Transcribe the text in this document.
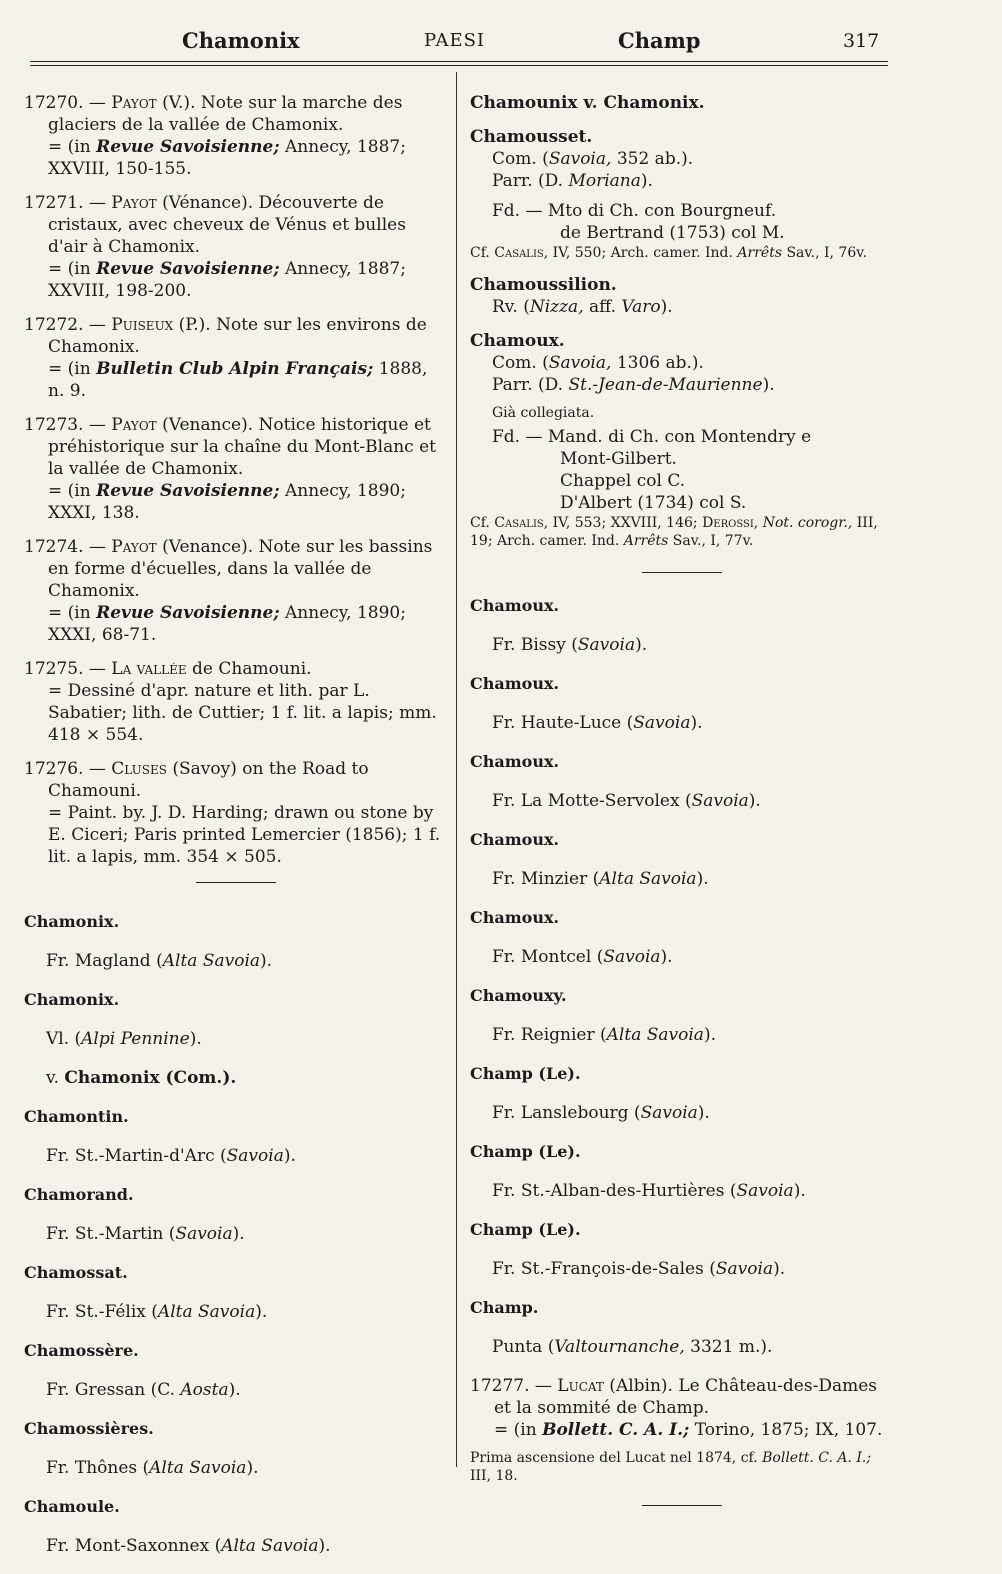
Chamonix	PAESI	Champ	317

17270. — Payot (V.). Note sur la marche des glaciers de la vallée de Chamonix.

= (in Revue Savoisienne; Annecy, 1887; XXVIII, 150-155.

17271. — Payot (Vénance). Découverte de cristaux, avec cheveux de Vénus et bulles d'air à Chamonix.

= (in Revue Savoisienne; Annecy, 1887; XXVIII, 198-200.

17272. — Puiseux (P.). Note sur les environs de Chamonix.

= (in Bulletin Club Alpin Français; 1888, n. 9.

17273. — Payot (Venance). Notice historique et préhistorique sur la chaîne du Mont-Blanc et la vallée de Chamonix.

= (in Revue Savoisienne; Annecy, 1890; XXXI, 138.

17274. — Payot (Venance). Note sur les bassins en forme d'écuelles, dans la vallée de Chamonix.

= (in Revue Savoisienne; Annecy, 1890; XXXI, 68-71.

17275. — La vallée de Chamouni.

= Dessiné d'apr. nature et lith. par L. Sabatier; lith. de Cuttier; 1 f. lit. a lapis; mm. 418 × 554.

17276. — Cluses (Savoy) on the Road to Chamouni.

= Paint. by. J. D. Harding; drawn ou stone by E. Ciceri; Paris printed Lemercier (1856); 1 f. lit. a lapis, mm. 354 × 505.

Chamonix.

Fr. Magland (Alta Savoia).

Chamonix.

Vl. (Alpi Pennine).

v. Chamonix (Com.).

Chamontin.

Fr. St.-Martin-d'Arc (Savoia).

Chamorand.

Fr. St.-Martin (Savoia).

Chamossat.

Fr. St.-Félix (Alta Savoia).

Chamossère.

Fr. Gressan (C. Aosta).

Chamossières.

Fr. Thônes (Alta Savoia).

Chamoule.

Fr. Mont-Saxonnex (Alta Savoia).

Chamounix v. Chamonix.

Chamousset.

Com. (Savoia, 352 ab.).

Parr. (D. Moriana).

Fd. — Mto di Ch. con Bourgneuf.

de Bertrand (1753) col M.

Cf. Casalis, IV, 550; Arch. camer. Ind. Arrêts Sav., I, 76v.

Chamoussilion.

Rv. (Nizza, aff. Varo).

Chamoux.

Com. (Savoia, 1306 ab.).

Parr. (D. St.-Jean-de-Maurienne).

Già collegiata.

Fd. — Mand. di Ch. con Montendry e

Mont-Gilbert.

Chappel col C.

D'Albert (1734) col S.

Cf. Casalis, IV, 553; XXVIII, 146; Derossi, Not. corogr., III, 19; Arch. camer. Ind. Arrêts Sav., I, 77v.

Chamoux.

Fr. Bissy (Savoia).

Chamoux.

Fr. Haute-Luce (Savoia).

Chamoux.

Fr. La Motte-Servolex (Savoia).

Chamoux.

Fr. Minzier (Alta Savoia).

Chamoux.

Fr. Montcel (Savoia).

Chamouxy.

Fr. Reignier (Alta Savoia).

Champ (Le).

Fr. Lanslebourg (Savoia).

Champ (Le).

Fr. St.-Alban-des-Hurtières (Savoia).

Champ (Le).

Fr. St.-François-de-Sales (Savoia).

Champ.

Punta (Valtournanche, 3321 m.).

17277. — Lucat (Albin). Le Château-des-Dames et la sommité de Champ.

= (in Bollett. C. A. I.; Torino, 1875; IX, 107.

Prima ascensione del Lucat nel 1874, cf. Bollett. C. A. I.; III, 18.
